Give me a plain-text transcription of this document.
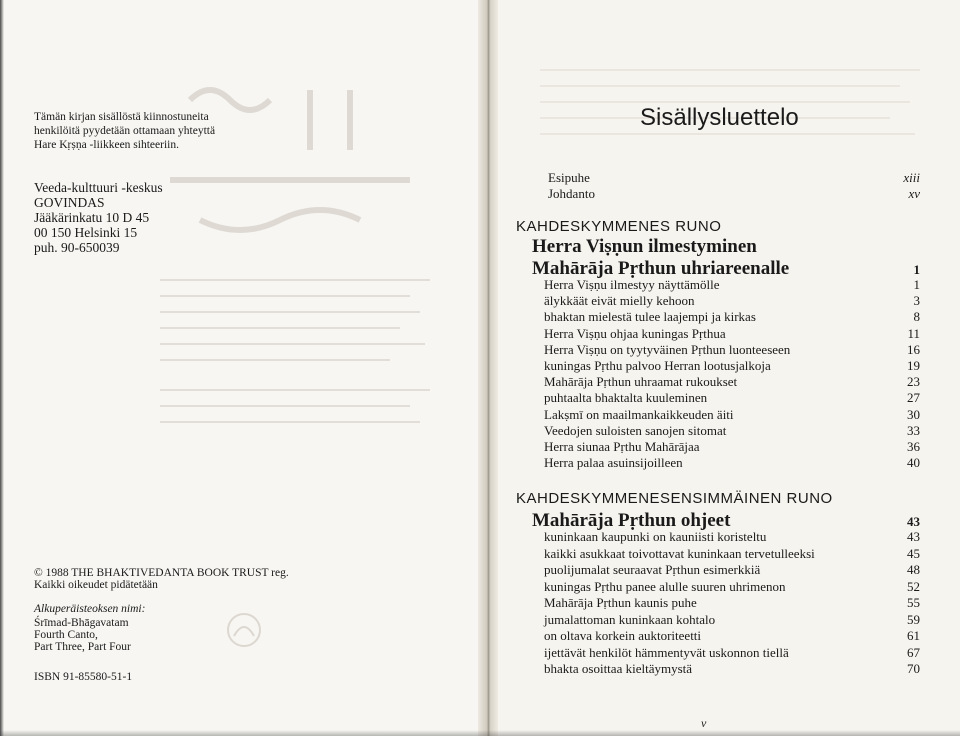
Tämän kirjan sisällöstä kiinnostuneita
henkilöitä pyydetään ottamaan yhteyttä
Hare Kṛṣṇa -liikkeen sihteeriin.
Veeda-kulttuuri -keskus
GOVINDAS
Jääkärinkatu 10 D 45
00 150 Helsinki 15
puh. 90-650039
© 1988 THE BHAKTIVEDANTA BOOK TRUST reg.
Kaikki oikeudet pidätetään
Alkuperäisteoksen nimi:
Śrīmad-Bhāgavatam
Fourth Canto,
Part Three, Part Four
ISBN 91-85580-51-1
Sisällysluettelo
Esipuhe	xiii
Johdanto	xv
KAHDESKYMMENES RUNO
Herra Viṣṇun ilmestyminen
Mahārāja Pṛthun uhriareenalle	1
Herra Viṣṇu ilmestyy näyttämölle	1
älykkäät eivät mielly kehoon	3
bhaktan mielestä tulee laajempi ja kirkas	8
Herra Viṣṇu ohjaa kuningas Pṛthua	11
Herra Viṣṇu on tyytyväinen Pṛthun luonteeseen	16
kuningas Pṛthu palvoo Herran lootusjalkoja	19
Mahārāja Pṛthun uhraamat rukoukset	23
puhtaalta bhaktalta kuuleminen	27
Lakṣmī on maailmankaikkeuden äiti	30
Veedojen suloisten sanojen sitomat	33
Herra siunaa Pṛthu Mahārājaa	36
Herra palaa asuinsijoilleen	40
KAHDESKYMMENESENSIMMÄINEN RUNO
Mahārāja Pṛthun ohjeet	43
kuninkaan kaupunki on kauniisti koristeltu	43
kaikki asukkaat toivottavat kuninkaan tervetulleeksi	45
puolijumalat seuraavat Pṛthun esimerkkiä	48
kuningas Pṛthu panee alulle suuren uhrimenon	52
Mahārāja Pṛthun kaunis puhe	55
jumalattoman kuninkaan kohtalo	59
on oltava korkein auktoriteetti	61
ijettävät henkilöt hämmentyvät uskonnon tiellä	67
bhakta osoittaa kieltäymystä	70
v
